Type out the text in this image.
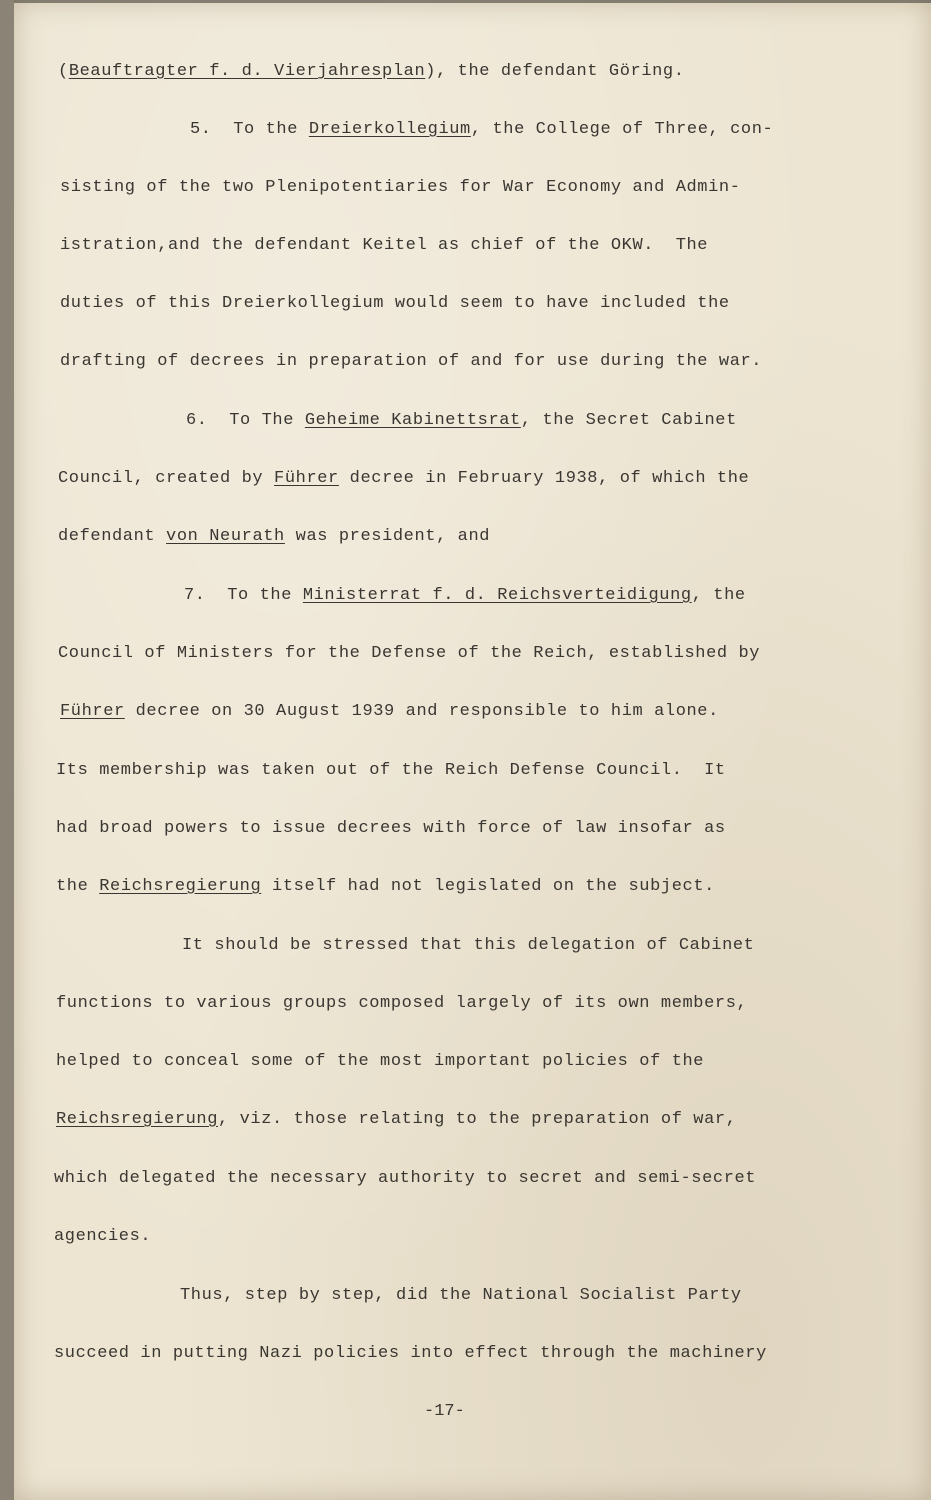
(Beauftragter f. d. Vierjahresplan), the defendant Göring.
5.  To the Dreierkollegium, the College of Three, con-
sisting of the two Plenipotentiaries for War Economy and Admin-
istration,and the defendant Keitel as chief of the OKW.  The
duties of this Dreierkollegium would seem to have included the
drafting of decrees in preparation of and for use during the war.
6.  To The Geheime Kabinettsrat, the Secret Cabinet
Council, created by Führer decree in February 1938, of which the
defendant von Neurath was president, and
7.  To the Ministerrat f. d. Reichsverteidigung, the
Council of Ministers for the Defense of the Reich, established by
Führer decree on 30 August 1939 and responsible to him alone.
Its membership was taken out of the Reich Defense Council.  It
had broad powers to issue decrees with force of law insofar as
the Reichsregierung itself had not legislated on the subject.
It should be stressed that this delegation of Cabinet
functions to various groups composed largely of its own members,
helped to conceal some of the most important policies of the
Reichsregierung, viz. those relating to the preparation of war,
which delegated the necessary authority to secret and semi-secret
agencies.
Thus, step by step, did the National Socialist Party
succeed in putting Nazi policies into effect through the machinery
-17-
